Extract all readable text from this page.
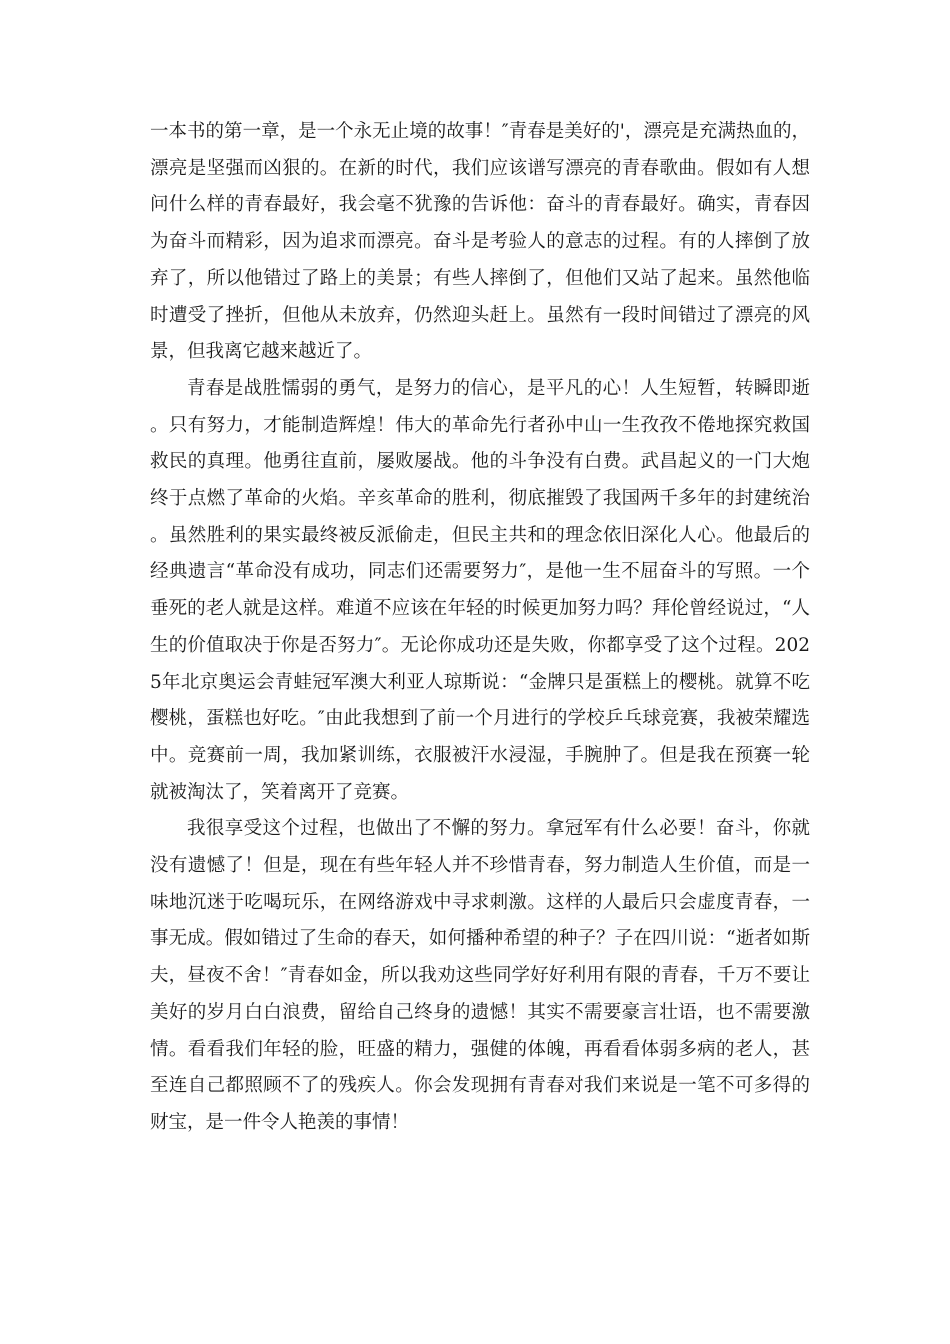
一本书的第一章，是一个永无止境的故事！″青春是美好的'，漂亮是充满热血的，漂亮是坚强而凶狠的。在新的时代，我们应该谱写漂亮的青春歌曲。假如有人想问什么样的青春最好，我会毫不犹豫的告诉他：奋斗的青春最好。确实，青春因为奋斗而精彩，因为追求而漂亮。奋斗是考验人的意志的过程。有的人摔倒了放弃了，所以他错过了路上的美景；有些人摔倒了，但他们又站了起来。虽然他临时遭受了挫折，但他从未放弃，仍然迎头赶上。虽然有一段时间错过了漂亮的风景，但我离它越来越近了。

青春是战胜懦弱的勇气，是努力的信心，是平凡的心！人生短暂，转瞬即逝。只有努力，才能制造辉煌！伟大的革命先行者孙中山一生孜孜不倦地探究救国救民的真理。他勇往直前，屡败屡战。他的斗争没有白费。武昌起义的一门大炮终于点燃了革命的火焰。辛亥革命的胜利，彻底摧毁了我国两千多年的封建统治。虽然胜利的果实最终被反派偷走，但民主共和的理念依旧深化人心。他最后的经典遗言“革命没有成功，同志们还需要努力″，是他一生不屈奋斗的写照。一个垂死的老人就是这样。难道不应该在年轻的时候更加努力吗？拜伦曾经说过，“人生的价值取决于你是否努力″。无论你成功还是失败，你都享受了这个过程。2025年北京奥运会青蛙冠军澳大利亚人琼斯说：“金牌只是蛋糕上的樱桃。就算不吃樱桃，蛋糕也好吃。″由此我想到了前一个月进行的学校乒乓球竞赛，我被荣耀选中。竞赛前一周，我加紧训练，衣服被汗水浸湿，手腕肿了。但是我在预赛一轮就被淘汰了，笑着离开了竞赛。

我很享受这个过程，也做出了不懈的努力。拿冠军有什么必要！奋斗，你就没有遗憾了！但是，现在有些年轻人并不珍惜青春，努力制造人生价值，而是一味地沉迷于吃喝玩乐，在网络游戏中寻求刺激。这样的人最后只会虚度青春，一事无成。假如错过了生命的春天，如何播种希望的种子？子在四川说：“逝者如斯夫，昼夜不舍！″青春如金，所以我劝这些同学好好利用有限的青春，千万不要让美好的岁月白白浪费，留给自己终身的遗憾！其实不需要豪言壮语，也不需要激情。看看我们年轻的脸，旺盛的精力，强健的体魄，再看看体弱多病的老人，甚至连自己都照顾不了的残疾人。你会发现拥有青春对我们来说是一笔不可多得的财宝，是一件令人艳羡的事情！
